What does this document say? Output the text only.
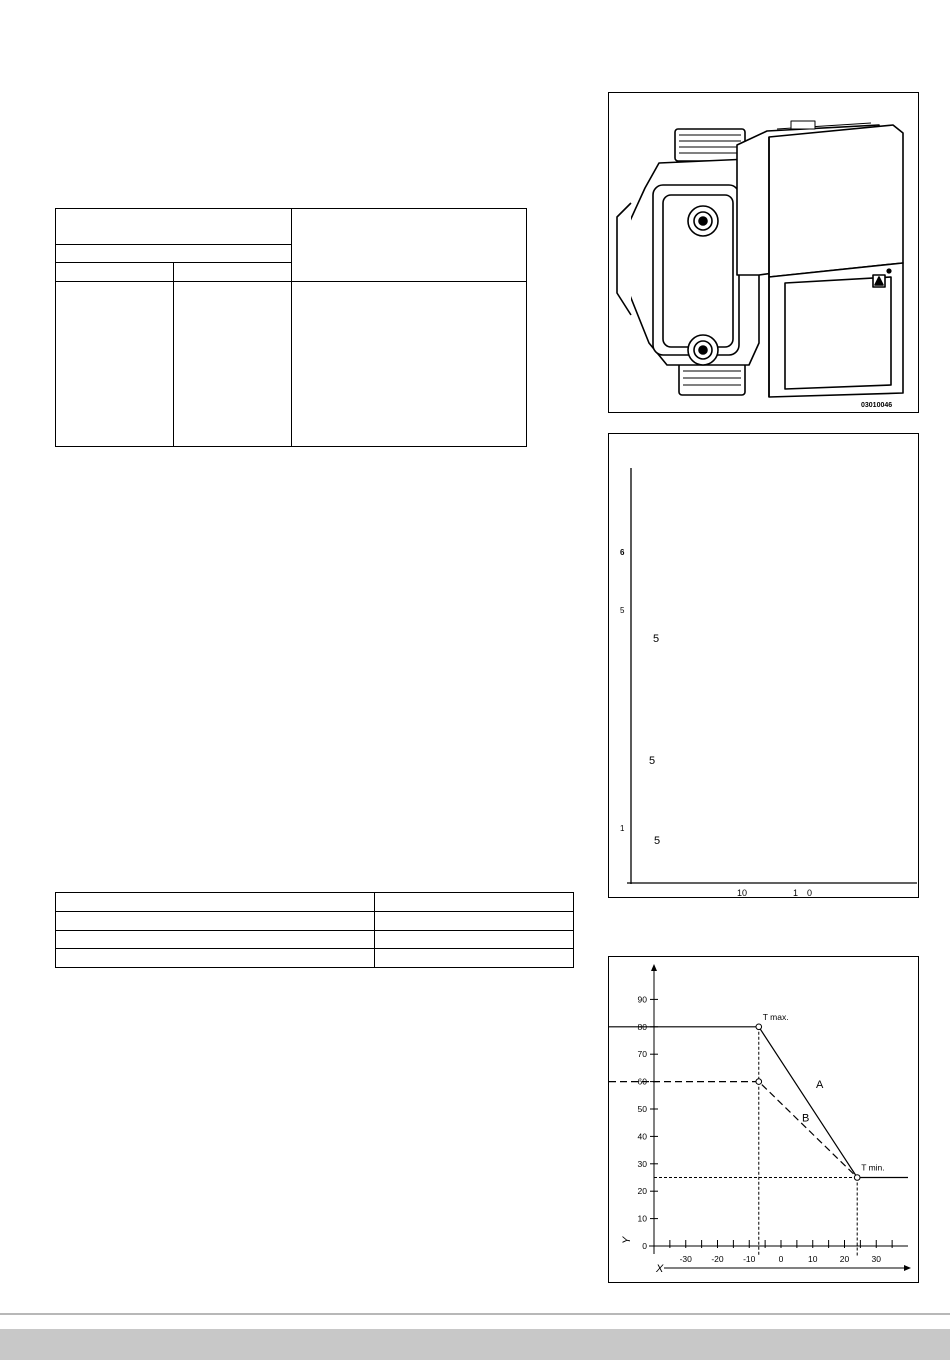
03010046
6
5
1
5
5
5
10	1 0
0
10
20
30
40
50
60
70
80
90
-30 -20 -10	0	10	20	30
X
Y
A
B
T max.
T min.
